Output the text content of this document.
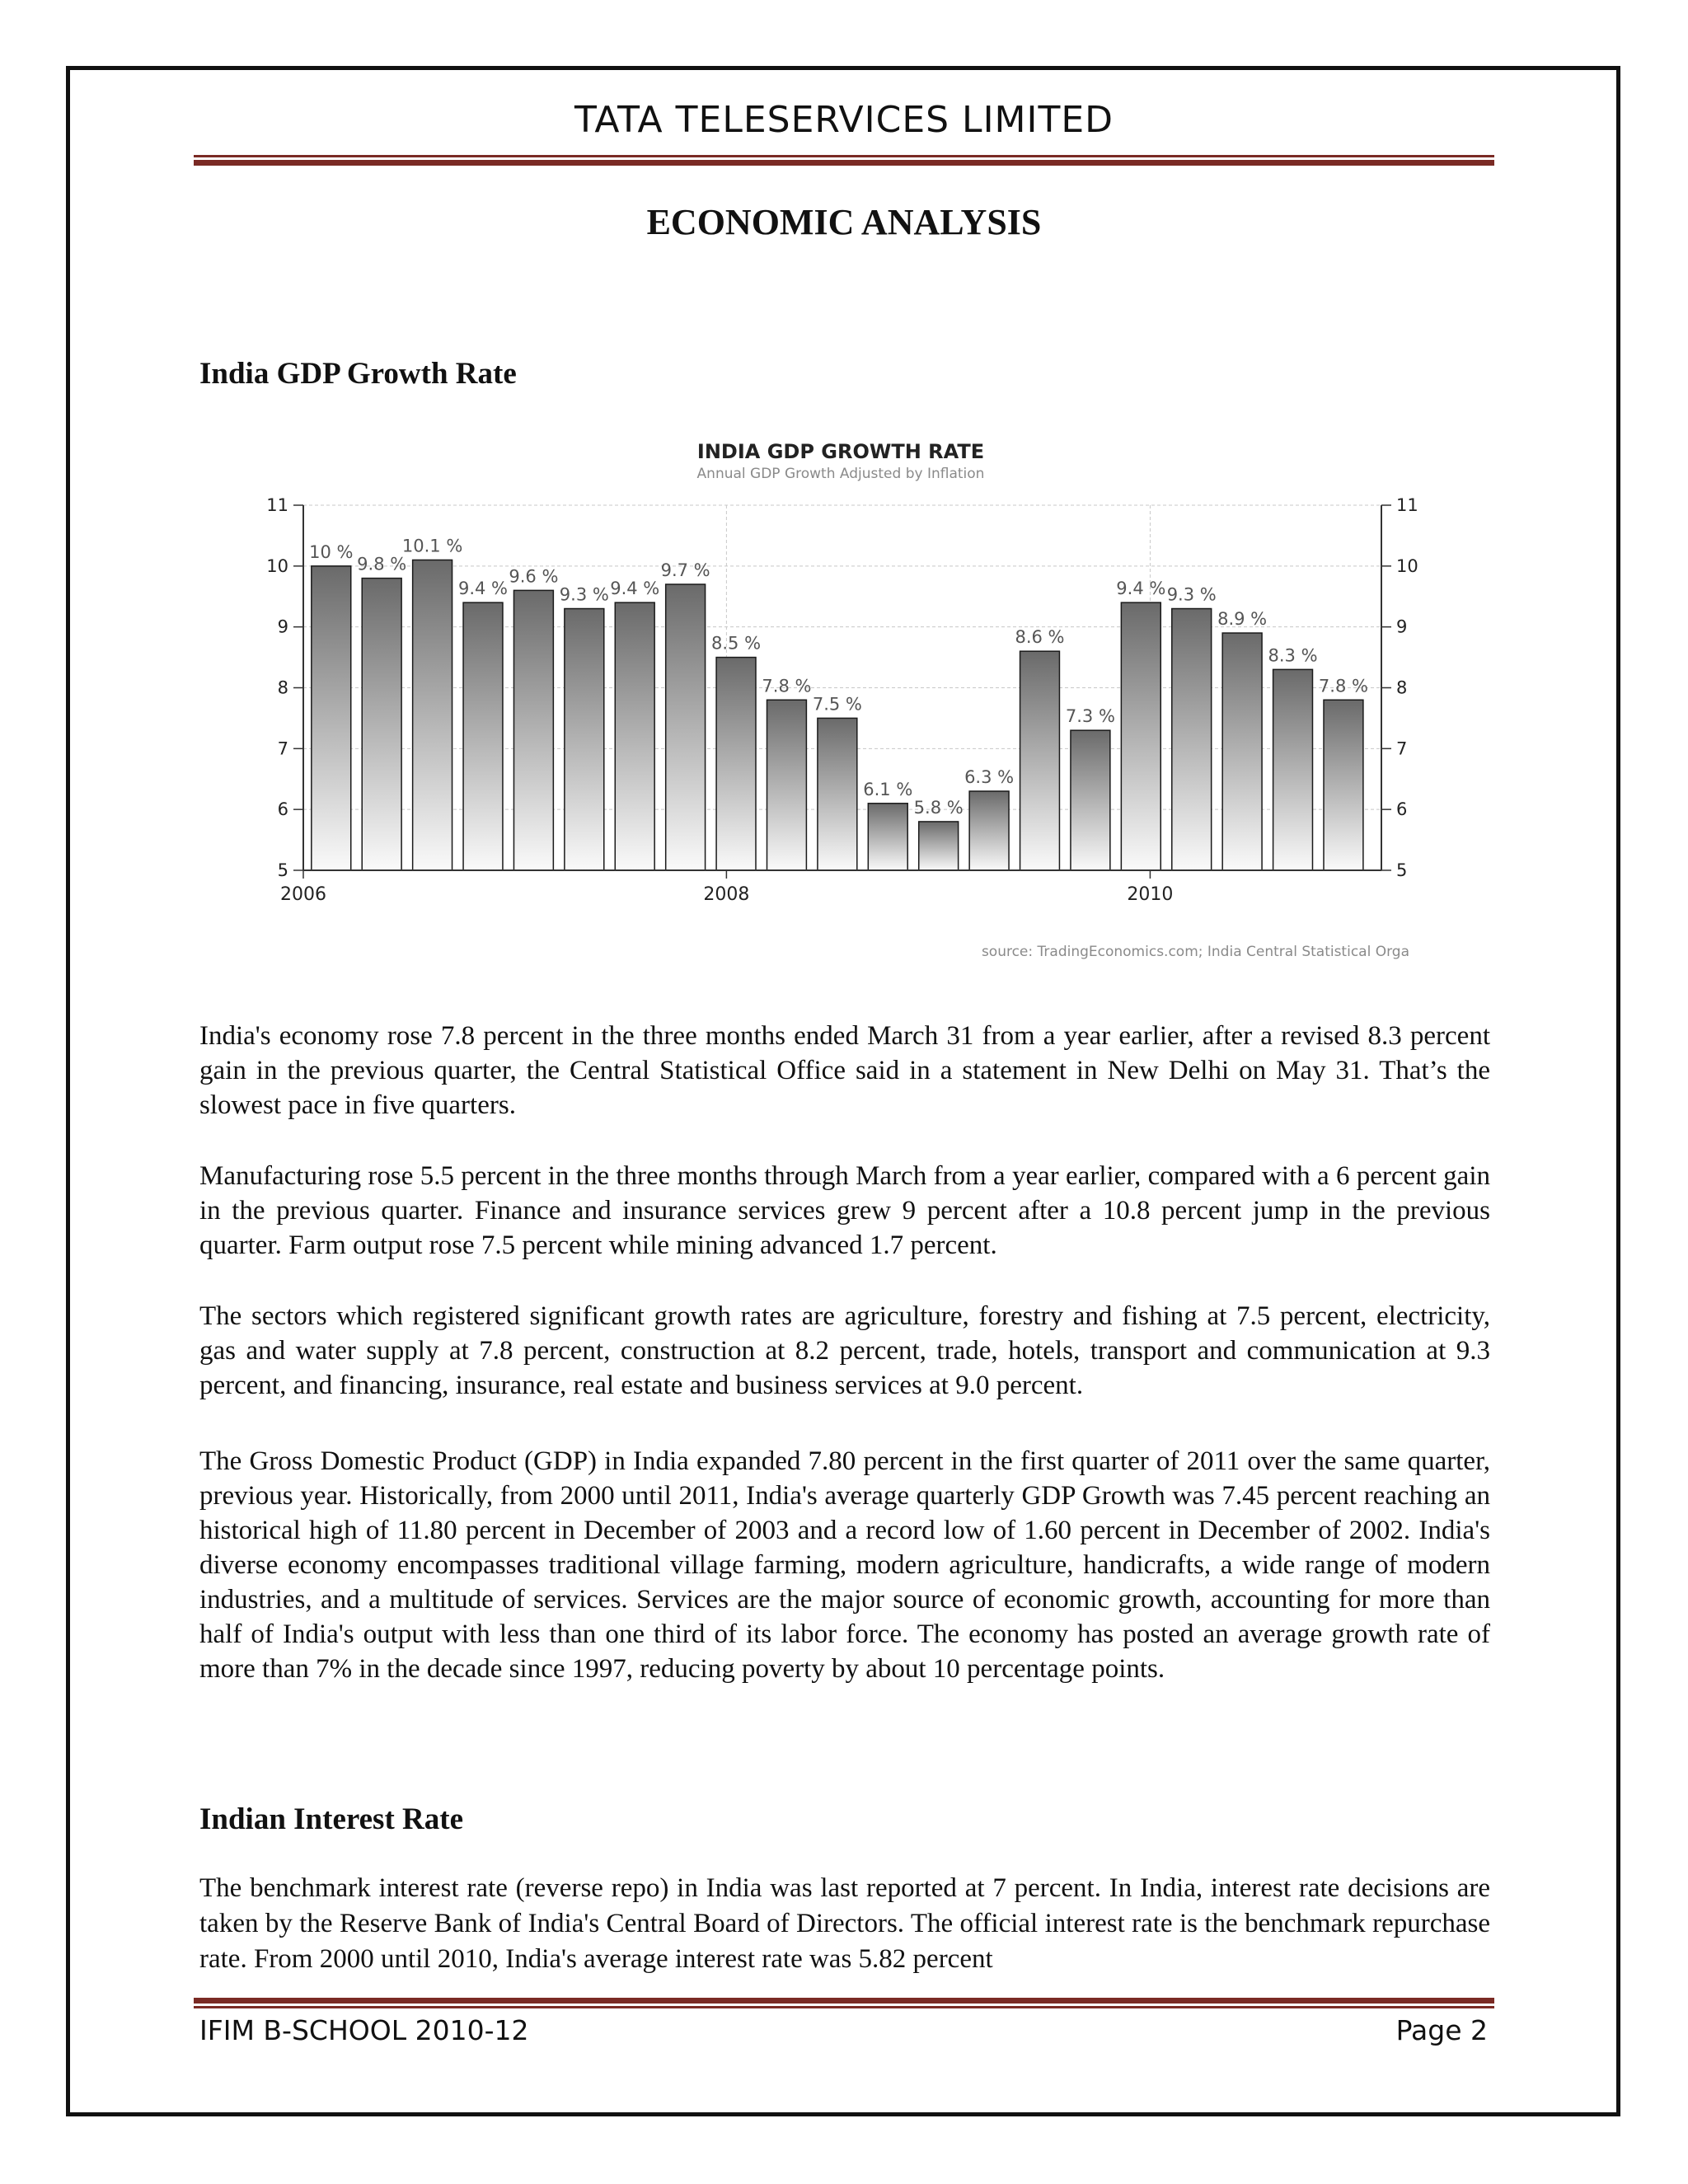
TATA TELESERVICES LIMITED
ECONOMIC ANALYSIS
India GDP Growth Rate
INDIA GDP GROWTH RATE
Annual GDP Growth Adjusted by Inflation
10 %
9.8 %
10.1 %
9.4 %
9.6 %
9.3 % 9.4 %
9.7 %
8.5 %
7.8 %
7.5 %
6.1 %
5.8 %
6.3 %
8.6 %
7.3 %
9.4 % 9.3 %
8.9 %
8.3 %
7.8 %
5	5
6	6
7	7
8	8
9	9
10	10
11	11
2006	2008	2010
source: TradingEconomics.com; India Central Statistical Orga

India's economy rose 7.8 percent in the three months ended March 31 from a year earlier, after a revised 8.3 percent gain in the previous quarter, the Central Statistical Office said in a statement in New Delhi on May 31. That’s the slowest pace in five quarters.

Manufacturing rose 5.5 percent in the three months through March from a year earlier, compared with a 6 percent gain in the previous quarter. Finance and insurance services grew 9 percent after a 10.8 percent jump in the previous quarter. Farm output rose 7.5 percent while mining advanced 1.7 percent.

The sectors which registered significant growth rates are agriculture, forestry and fishing at 7.5 percent, electricity, gas and water supply at 7.8 percent, construction at 8.2 percent, trade, hotels, transport and communication at 9.3 percent, and financing, insurance, real estate and business services at 9.0 percent.

The Gross Domestic Product (GDP) in India expanded 7.80 percent in the first quarter of 2011 over the same quarter, previous year. Historically, from 2000 until 2011, India's average quarterly GDP Growth was 7.45 percent reaching an historical high of 11.80 percent in December of 2003 and a record low of 1.60 percent in December of 2002. India's diverse economy encompasses traditional village farming, modern agriculture, handicrafts, a wide range of modern industries, and a multitude of services. Services are the major source of economic growth, accounting for more than half of India's output with less than one third of its labor force. The economy has posted an average growth rate of more than 7% in the decade since 1997, reducing poverty by about 10 percentage points.

Indian Interest Rate

The benchmark interest rate (reverse repo) in India was last reported at 7 percent. In India, interest rate decisions are taken by the Reserve Bank of India's Central Board of Directors. The official interest rate is the benchmark repurchase rate. From 2000 until 2010, India's average interest rate was 5.82 percent

IFIM B-SCHOOL 2010-12	Page 2
